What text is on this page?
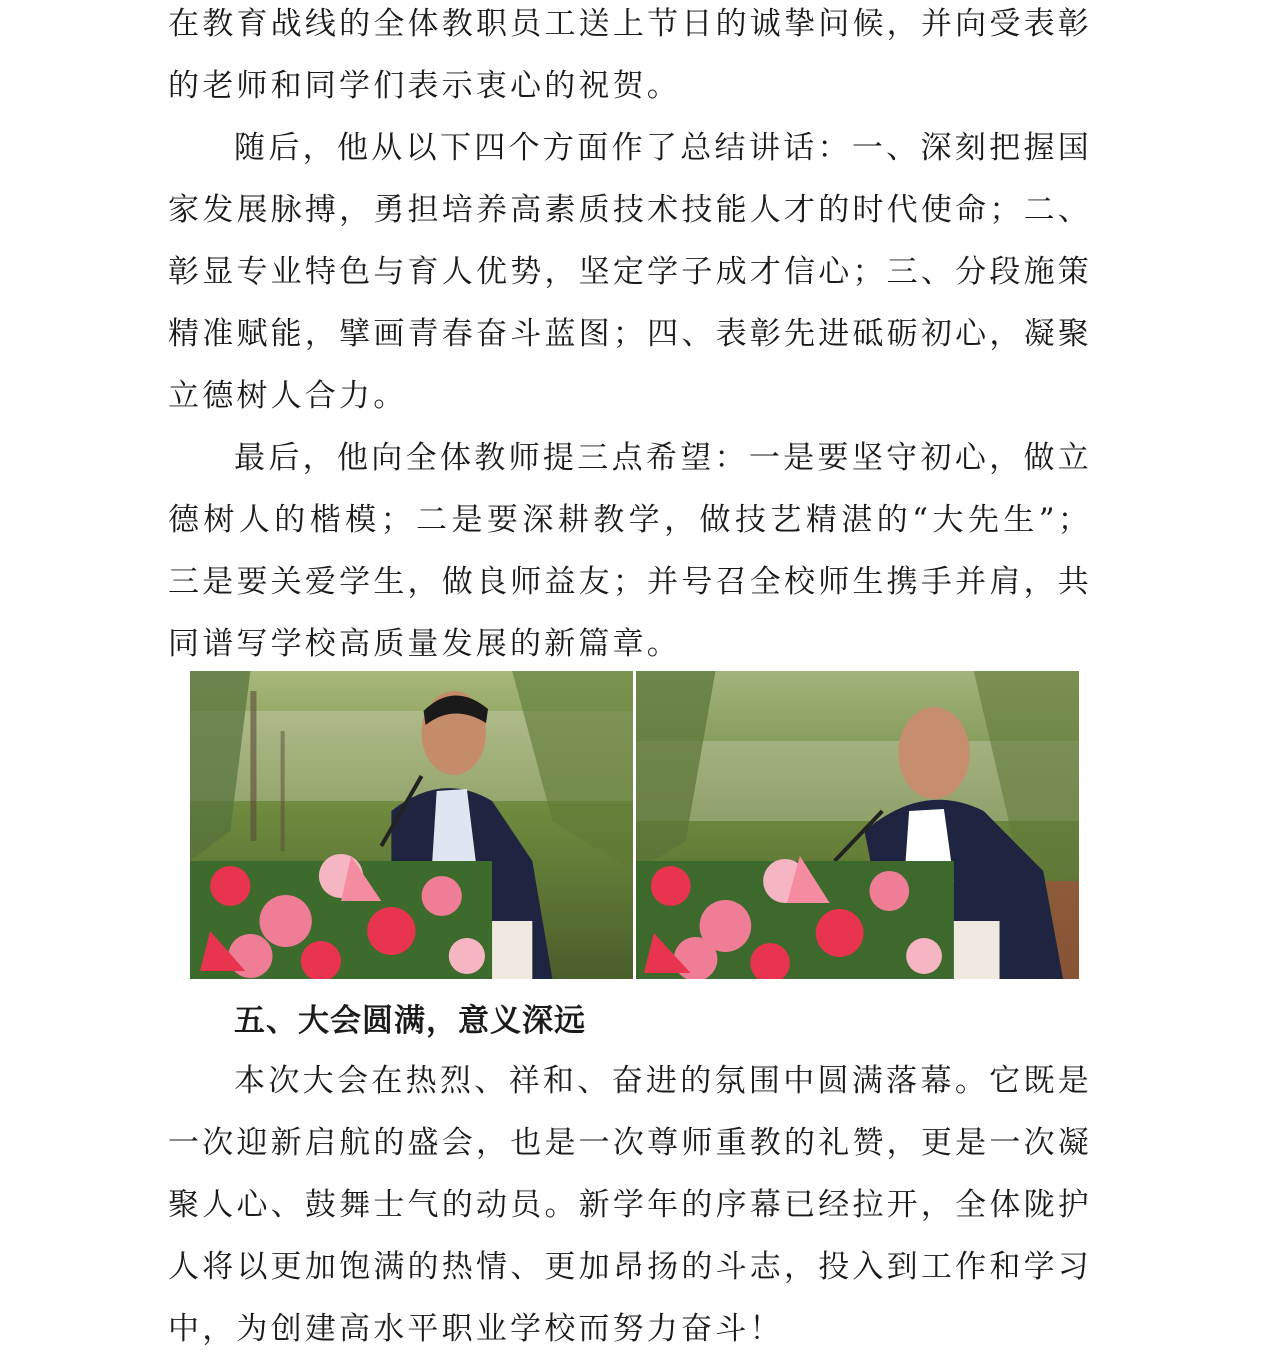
在教育战线的全体教职员工送上节日的诚挚问候，并向受表彰的老师和同学们表示衷心的祝贺。

随后，他从以下四个方面作了总结讲话：一、深刻把握国家发展脉搏，勇担培养高素质技术技能人才的时代使命；二、彰显专业特色与育人优势，坚定学子成才信心；三、分段施策精准赋能，擘画青春奋斗蓝图；四、表彰先进砥砺初心，凝聚立德树人合力。

最后，他向全体教师提三点希望：一是要坚守初心，做立德树人的楷模；二是要深耕教学，做技艺精湛的“大先生”；三是要关爱学生，做良师益友；并号召全校师生携手并肩，共同谱写学校高质量发展的新篇章。

五、大会圆满，意义深远

本次大会在热烈、祥和、奋进的氛围中圆满落幕。它既是一次迎新启航的盛会，也是一次尊师重教的礼赞，更是一次凝聚人心、鼓舞士气的动员。新学年的序幕已经拉开，全体陇护人将以更加饱满的热情、更加昂扬的斗志，投入到工作和学习中，为创建高水平职业学校而努力奋斗！
